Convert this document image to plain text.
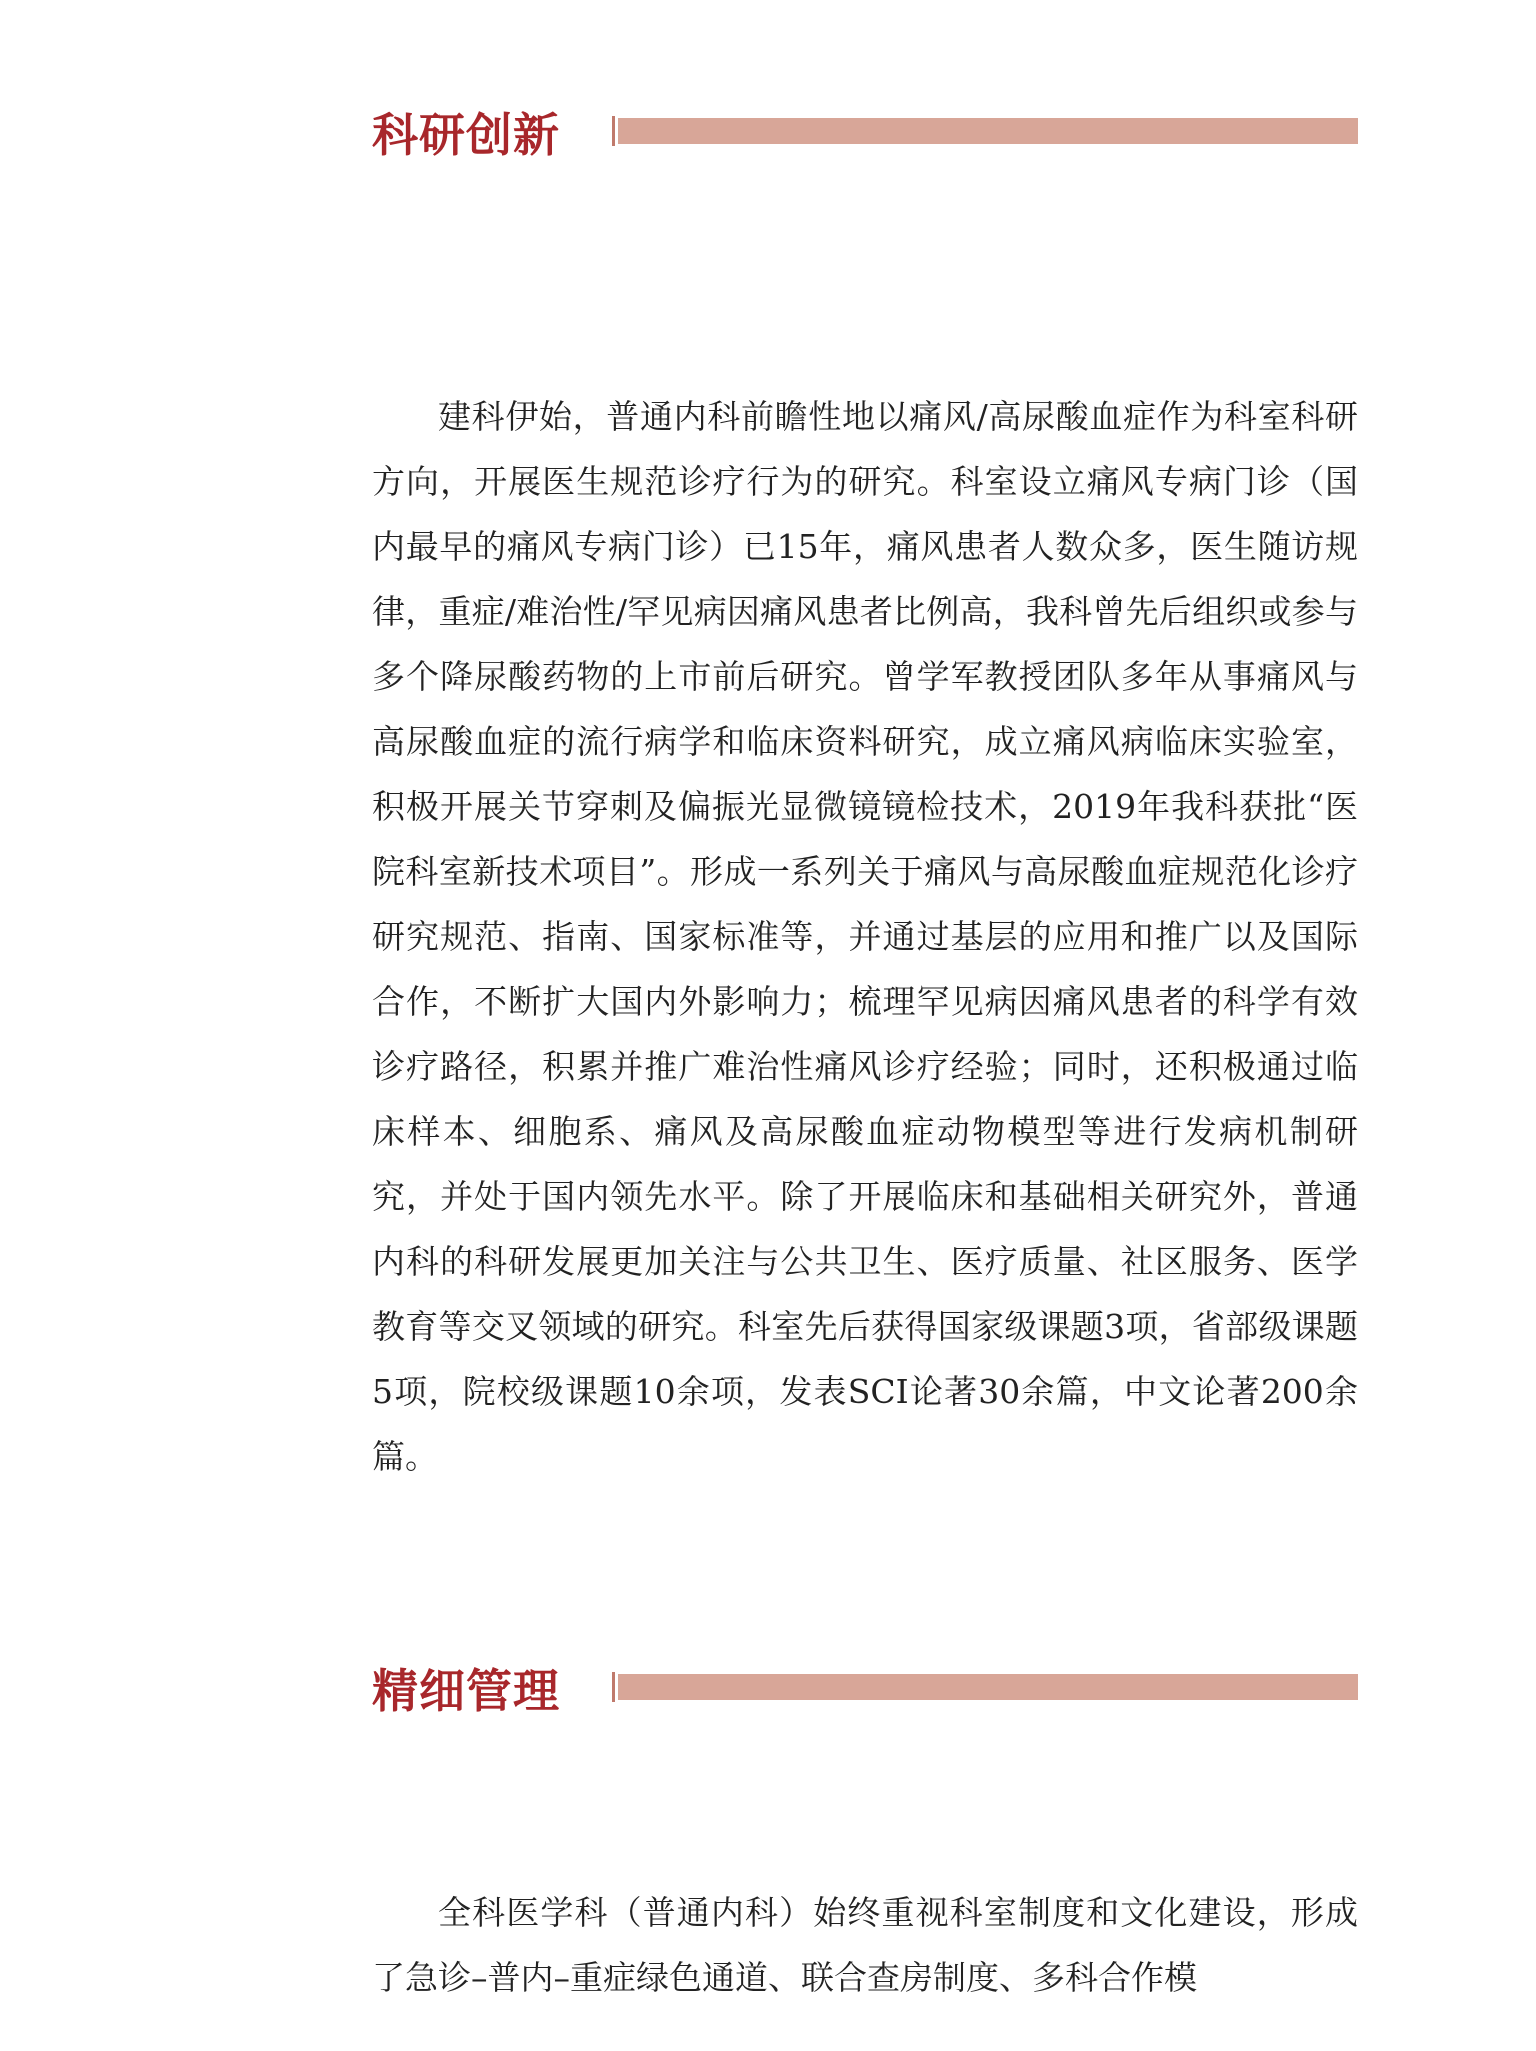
科研创新

建科伊始，普通内科前瞻性地以痛风/高尿酸血症作为科室科研方向，开展医生规范诊疗行为的研究。科室设立痛风专病门诊（国内最早的痛风专病门诊）已15年，痛风患者人数众多，医生随访规律，重症/难治性/罕见病因痛风患者比例高，我科曾先后组织或参与多个降尿酸药物的上市前后研究。曾学军教授团队多年从事痛风与高尿酸血症的流行病学和临床资料研究，成立痛风病临床实验室，积极开展关节穿刺及偏振光显微镜镜检技术，2019年我科获批“医院科室新技术项目”。形成一系列关于痛风与高尿酸血症规范化诊疗研究规范、指南、国家标准等，并通过基层的应用和推广以及国际合作，不断扩大国内外影响力；梳理罕见病因痛风患者的科学有效诊疗路径，积累并推广难治性痛风诊疗经验；同时，还积极通过临床样本、细胞系、痛风及高尿酸血症动物模型等进行发病机制研究，并处于国内领先水平。除了开展临床和基础相关研究外，普通内科的科研发展更加关注与公共卫生、医疗质量、社区服务、医学教育等交叉领域的研究。科室先后获得国家级课题3项，省部级课题5项，院校级课题10余项，发表SCI论著30余篇，中文论著200余篇。

精细管理

全科医学科（普通内科）始终重视科室制度和文化建设，形成了急诊–普内–重症绿色通道、联合查房制度、多科合作模
